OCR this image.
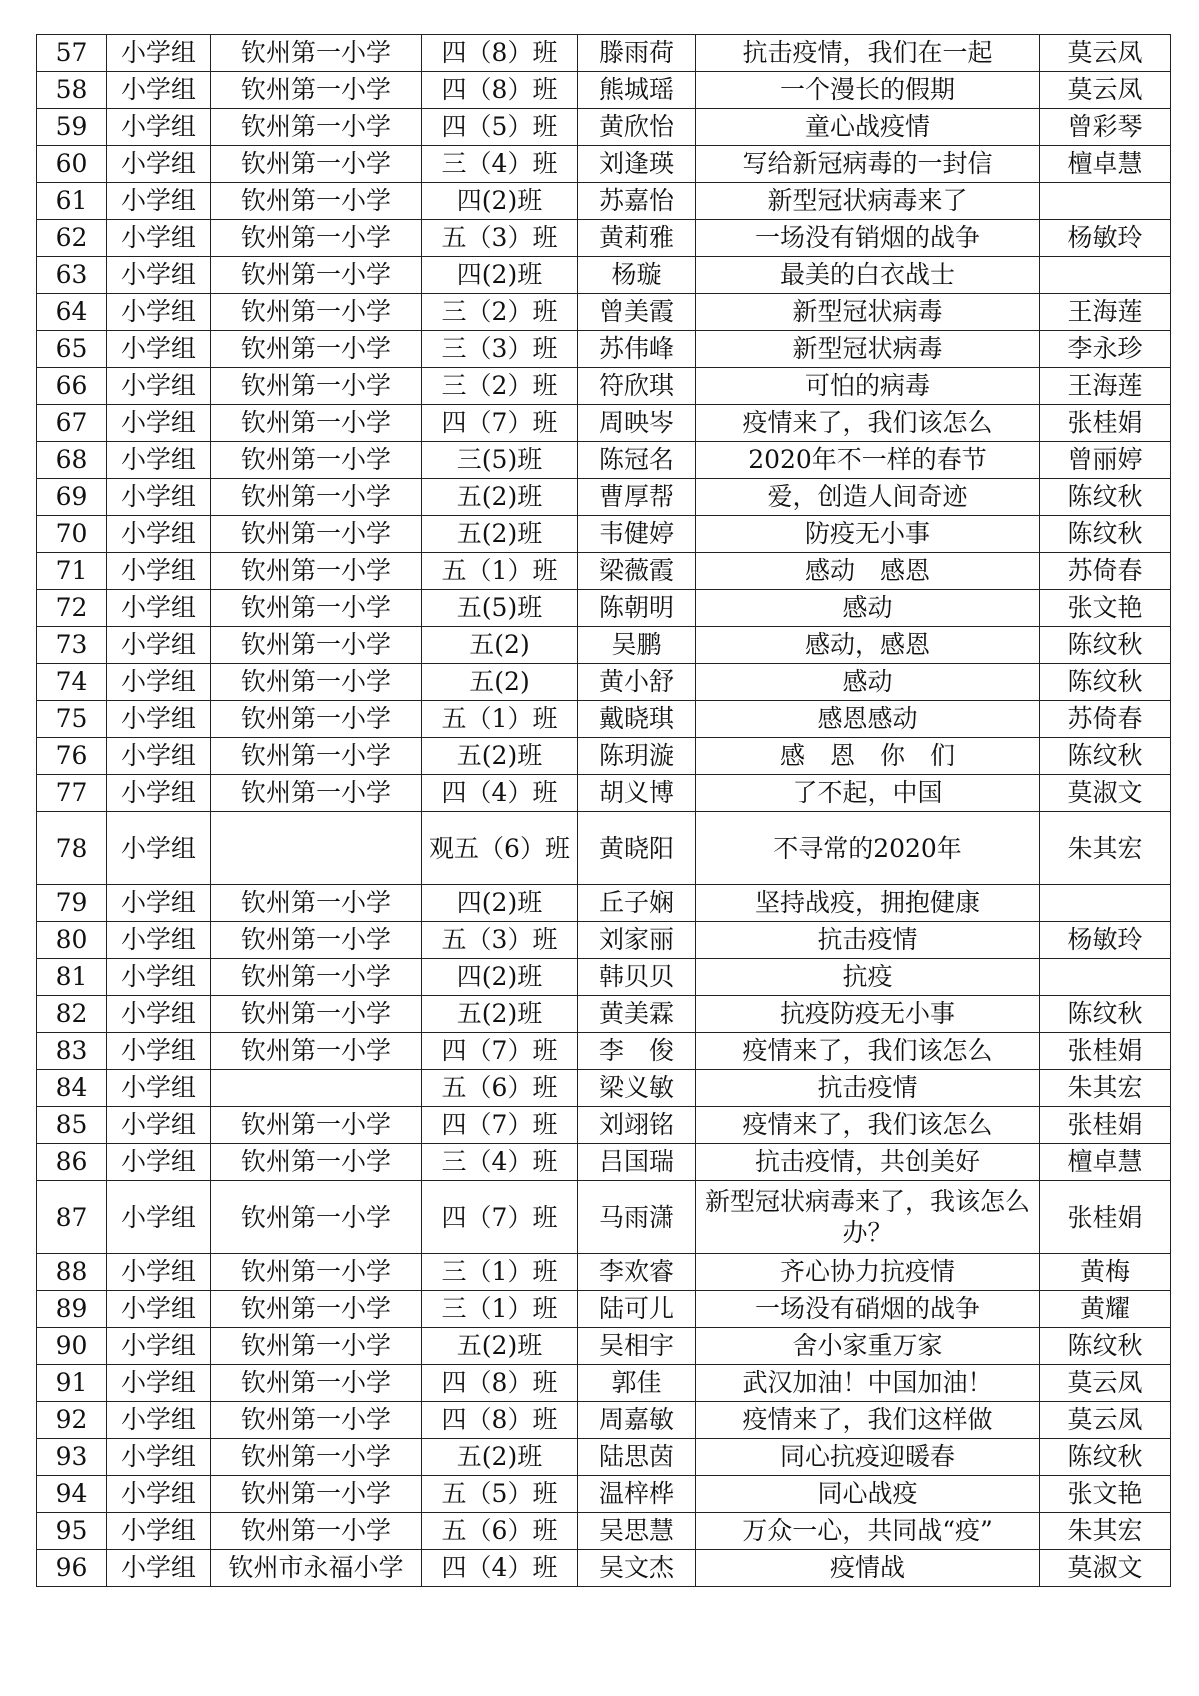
57	小学组	钦州第一小学	四（8）班	滕雨荷	抗击疫情，我们在一起	莫云凤
58	小学组	钦州第一小学	四（8）班	熊城瑶	一个漫长的假期	莫云凤
59	小学组	钦州第一小学	四（5）班	黄欣怡	童心战疫情	曾彩琴
60	小学组	钦州第一小学	三（4）班	刘逢瑛	写给新冠病毒的一封信	檀卓慧
61	小学组	钦州第一小学	四(2)班	苏嘉怡	新型冠状病毒来了	
62	小学组	钦州第一小学	五（3）班	黄莉雅	一场没有销烟的战争	杨敏玲
63	小学组	钦州第一小学	四(2)班	杨璇	最美的白衣战士	
64	小学组	钦州第一小学	三（2）班	曾美霞	新型冠状病毒	王海莲
65	小学组	钦州第一小学	三（3）班	苏伟峰	新型冠状病毒	李永珍
66	小学组	钦州第一小学	三（2）班	符欣琪	可怕的病毒	王海莲
67	小学组	钦州第一小学	四（7）班	周映岑	疫情来了，我们该怎么	张桂娟
68	小学组	钦州第一小学	三(5)班	陈冠名	2020年不一样的春节	曾丽婷
69	小学组	钦州第一小学	五(2)班	曹厚帮	爱，创造人间奇迹	陈纹秋
70	小学组	钦州第一小学	五(2)班	韦健婷	防疫无小事	陈纹秋
71	小学组	钦州第一小学	五（1）班	梁薇霞	感动　感恩	苏倚春
72	小学组	钦州第一小学	五(5)班	陈朝明	感动	张文艳
73	小学组	钦州第一小学	五(2)	吴鹏	感动，感恩	陈纹秋
74	小学组	钦州第一小学	五(2)	黄小舒	感动	陈纹秋
75	小学组	钦州第一小学	五（1）班	戴晓琪	感恩感动	苏倚春
76	小学组	钦州第一小学	五(2)班	陈玥漩	感　恩　你　们	陈纹秋
77	小学组	钦州第一小学	四（4）班	胡义博	了不起，中国	莫淑文
78	小学组		观五（6）班	黄晓阳	不寻常的2020年	朱其宏
79	小学组	钦州第一小学	四(2)班	丘子娴	坚持战疫，拥抱健康	
80	小学组	钦州第一小学	五（3）班	刘家丽	抗击疫情	杨敏玲
81	小学组	钦州第一小学	四(2)班	韩贝贝	抗疫	
82	小学组	钦州第一小学	五(2)班	黄美霖	抗疫防疫无小事	陈纹秋
83	小学组	钦州第一小学	四（7）班	李　俊	疫情来了，我们该怎么	张桂娟
84	小学组		五（6）班	梁义敏	抗击疫情	朱其宏
85	小学组	钦州第一小学	四（7）班	刘翊铭	疫情来了，我们该怎么	张桂娟
86	小学组	钦州第一小学	三（4）班	吕国瑞	抗击疫情，共创美好	檀卓慧
87	小学组	钦州第一小学	四（7）班	马雨潇	新型冠状病毒来了，我该怎么办？	张桂娟
88	小学组	钦州第一小学	三（1）班	李欢睿	齐心协力抗疫情	黄梅
89	小学组	钦州第一小学	三（1）班	陆可儿	一场没有硝烟的战争	黄耀
90	小学组	钦州第一小学	五(2)班	吴相宇	舍小家重万家	陈纹秋
91	小学组	钦州第一小学	四（8）班	郭佳	武汉加油！中国加油！	莫云凤
92	小学组	钦州第一小学	四（8）班	周嘉敏	疫情来了，我们这样做	莫云凤
93	小学组	钦州第一小学	五(2)班	陆思茵	同心抗疫迎暖春	陈纹秋
94	小学组	钦州第一小学	五（5）班	温梓桦	同心战疫	张文艳
95	小学组	钦州第一小学	五（6）班	吴思慧	万众一心，共同战“疫”	朱其宏
96	小学组	钦州市永福小学	四（4）班	吴文杰	疫情战	莫淑文
